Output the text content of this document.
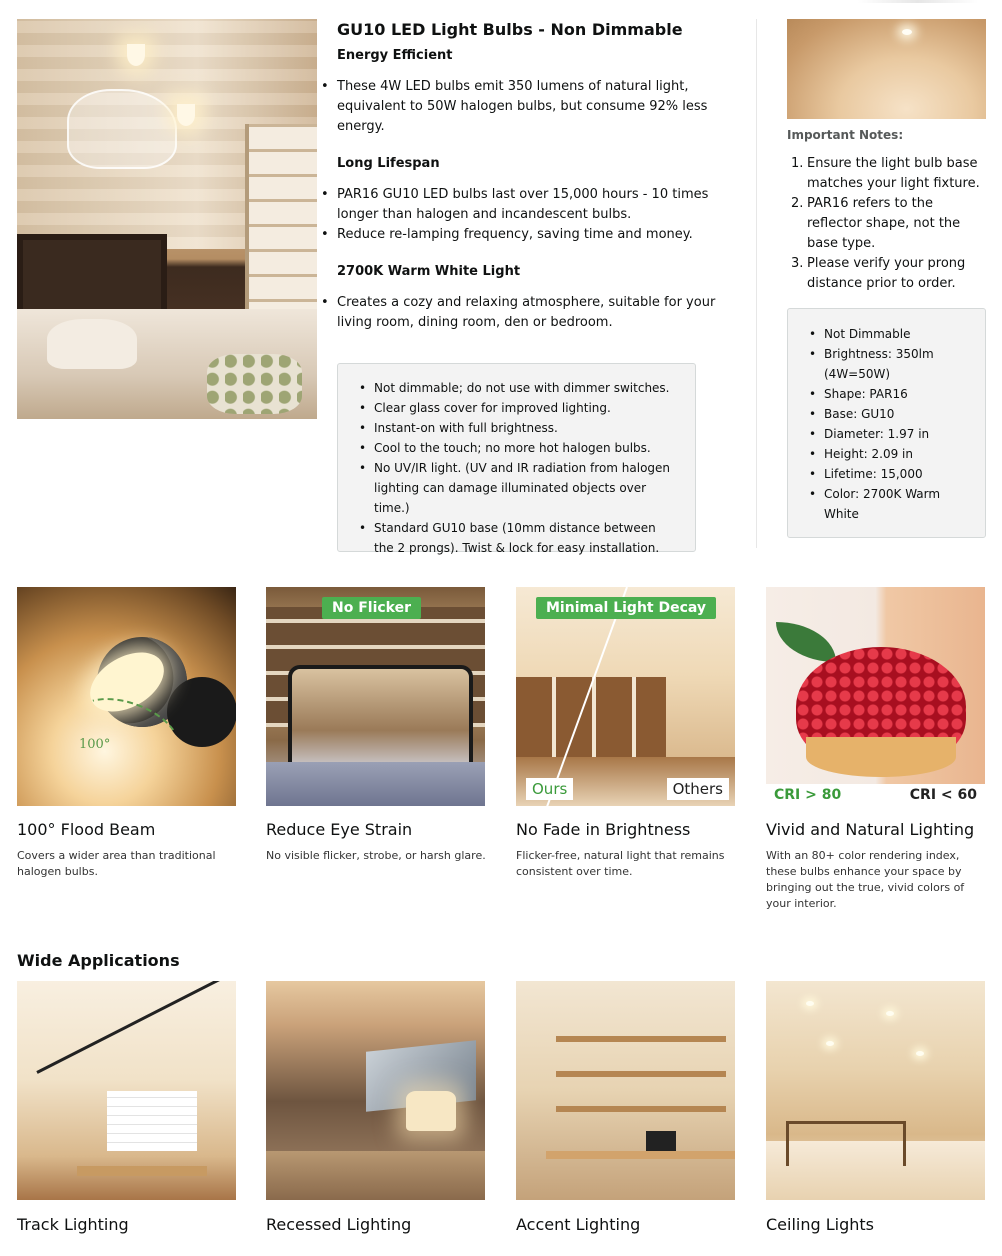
GU10 LED Light Bulbs - Non Dimmable
Energy Efficient
• These 4W LED bulbs emit 350 lumens of natural light, equivalent to 50W halogen bulbs, but consume 92% less energy.
Long Lifespan
• PAR16 GU10 LED bulbs last over 15,000 hours - 10 times longer than halogen and incandescent bulbs.
• Reduce re-lamping frequency, saving time and money.
2700K Warm White Light
• Creates a cozy and relaxing atmosphere, suitable for your living room, dining room, den or bedroom.
• Not dimmable; do not use with dimmer switches.
• Clear glass cover for improved lighting.
• Instant-on with full brightness.
• Cool to the touch; no more hot halogen bulbs.
• No UV/IR light. (UV and IR radiation from halogen lighting can damage illuminated objects over time.)
• Standard GU10 base (10mm distance between the 2 prongs). Twist & lock for easy installation.
Important Notes:
1. Ensure the light bulb base matches your light fixture.
2. PAR16 refers to the reflector shape, not the base type.
3. Please verify your prong distance prior to order.
• Not Dimmable
• Brightness: 350lm (4W=50W)
• Shape: PAR16
• Base: GU10
• Diameter: 1.97 in
• Height: 2.09 in
• Lifetime: 15,000
• Color: 2700K Warm White
100°
100° Flood Beam
Covers a wider area than traditional halogen bulbs.
No Flicker
Reduce Eye Strain
No visible flicker, strobe, or harsh glare.
Minimal Light Decay
Ours	Others
No Fade in Brightness
Flicker-free, natural light that remains consistent over time.
CRI > 80	CRI < 60
Vivid and Natural Lighting
With an 80+ color rendering index, these bulbs enhance your space by bringing out the true, vivid colors of your interior.
Wide Applications
Track Lighting	Recessed Lighting	Accent Lighting	Ceiling Lights
